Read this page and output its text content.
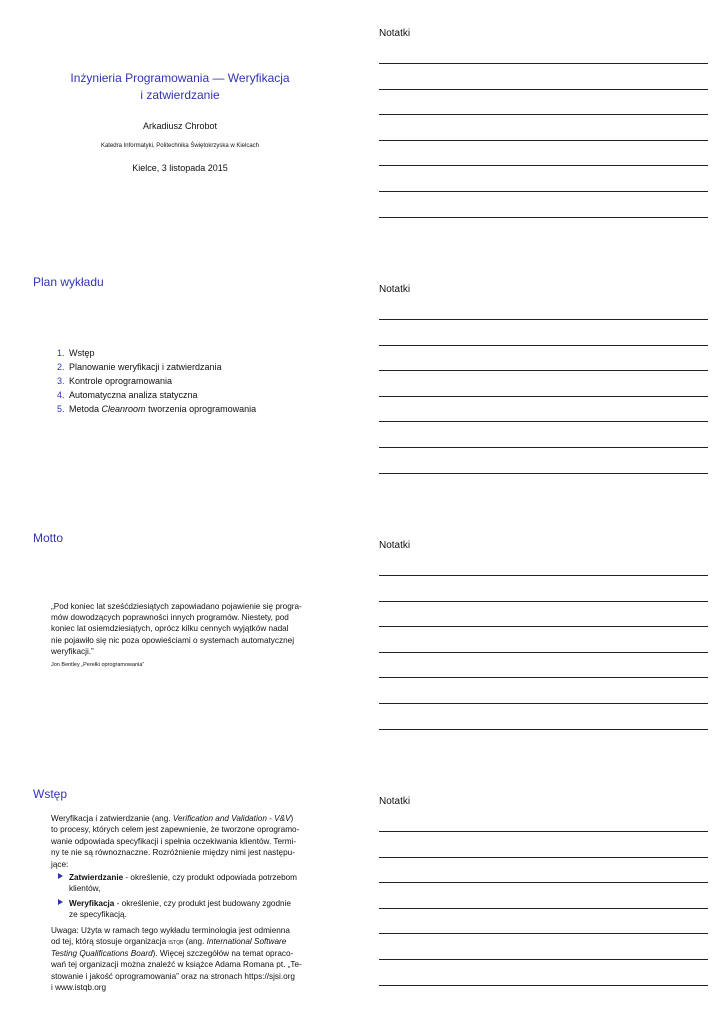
Inżynieria Programowania — Weryfikacja
i zatwierdzanie
Arkadiusz Chrobot
Katedra Informatyki, Politechnika Świętokrzyska w Kielcach
Kielce, 3 listopada 2015
Notatki
Plan wykładu
1. Wstęp
2. Planowanie weryfikacji i zatwierdzania
3. Kontrole oprogramowania
4. Automatyczna analiza statyczna
5. Metoda Cleanroom tworzenia oprogramowania
Notatki
Motto
„Pod koniec lat sześćdziesiątych zapowiadano pojawienie się progra-
mów dowodzących poprawności innych programów. Niestety, pod
koniec lat osiemdziesiątych, oprócz kilku cennych wyjątków nadal
nie pojawiło się nic poza opowieściami o systemach automatycznej
weryfikacji.”
Jon Bentley „Perełki oprogramowania”
Notatki
Wstęp
Weryfikacja i zatwierdzanie (ang. Verification and Validation - V&V)
to procesy, których celem jest zapewnienie, że tworzone oprogramo-
wanie odpowiada specyfikacji i spełnia oczekiwania klientów. Termi-
ny te nie są równoznaczne. Rozróżnienie między nimi jest następu-
jące:
Zatwierdzanie - określenie, czy produkt odpowiada potrzebom
klientów,
Weryfikacja - określenie, czy produkt jest budowany zgodnie
ze specyfikacją.
Uwaga: Użyta w ramach tego wykładu terminologia jest odmienna
od tej, którą stosuje organizacja istqb (ang. International Software
Testing Qualifications Board). Więcej szczegółów na temat opraco-
wań tej organizacji można znaleźć w książce Adama Romana pt. „Te-
stowanie i jakość oprogramowania” oraz na stronach https://sjsi.org
i www.istqb.org
Notatki
